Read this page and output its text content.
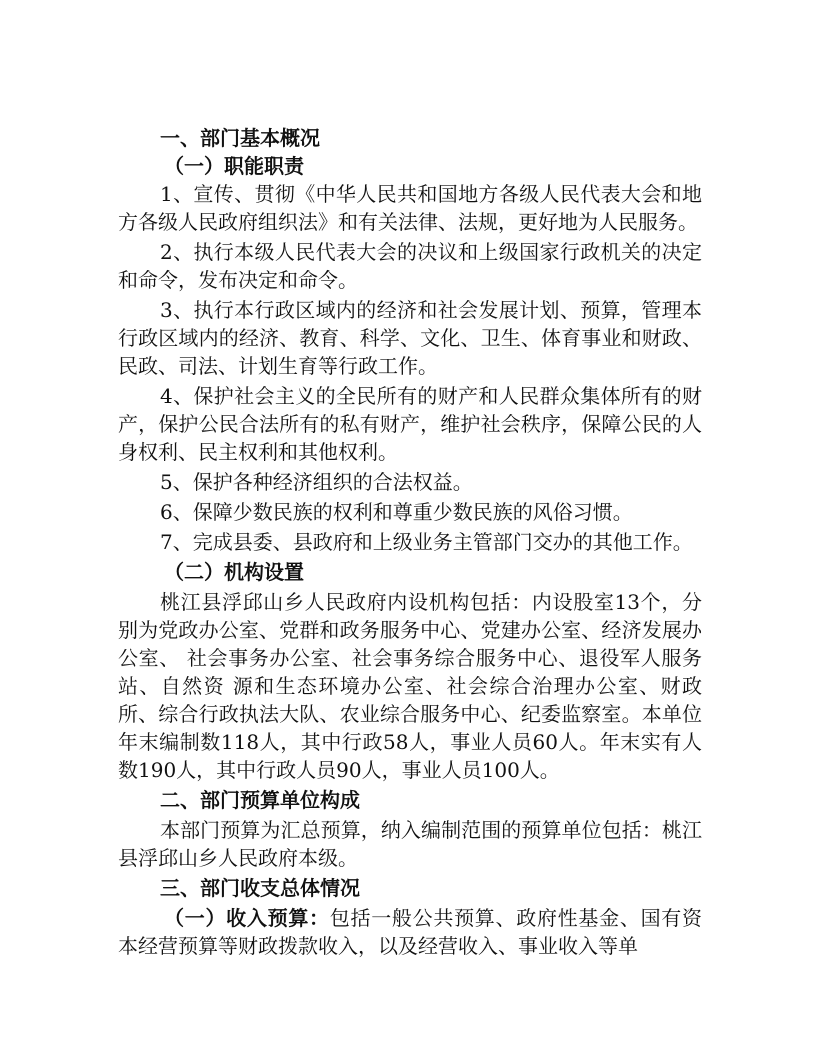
一、部门基本概况

（一）职能职责

1、宣传、贯彻《中华人民共和国地方各级人民代表大会和地方各级人民政府组织法》和有关法律、法规，更好地为人民服务。

2、执行本级人民代表大会的决议和上级国家行政机关的决定和命令，发布决定和命令。

3、执行本行政区域内的经济和社会发展计划、预算，管理本行政区域内的经济、教育、科学、文化、卫生、体育事业和财政、民政、司法、计划生育等行政工作。

4、保护社会主义的全民所有的财产和人民群众集体所有的财产，保护公民合法所有的私有财产，维护社会秩序，保障公民的人身权利、民主权利和其他权利。

5、保护各种经济组织的合法权益。

6、保障少数民族的权利和尊重少数民族的风俗习惯。

7、完成县委、县政府和上级业务主管部门交办的其他工作。

（二）机构设置

桃江县浮邱山乡人民政府内设机构包括：内设股室13个，分别为党政办公室、党群和政务服务中心、党建办公室、经济发展办公室、 社会事务办公室、社会事务综合服务中心、退役军人服务站、自然资 源和生态环境办公室、社会综合治理办公室、财政所、综合行政执法大队、农业综合服务中心、纪委监察室。本单位年末编制数118人，其中行政58人，事业人员60人。年末实有人数190人，其中行政人员90人，事业人员100人。

二、部门预算单位构成

本部门预算为汇总预算，纳入编制范围的预算单位包括：桃江县浮邱山乡人民政府本级。

三、部门收支总体情况

（一）收入预算：包括一般公共预算、政府性基金、国有资本经营预算等财政拨款收入，以及经营收入、事业收入等单
